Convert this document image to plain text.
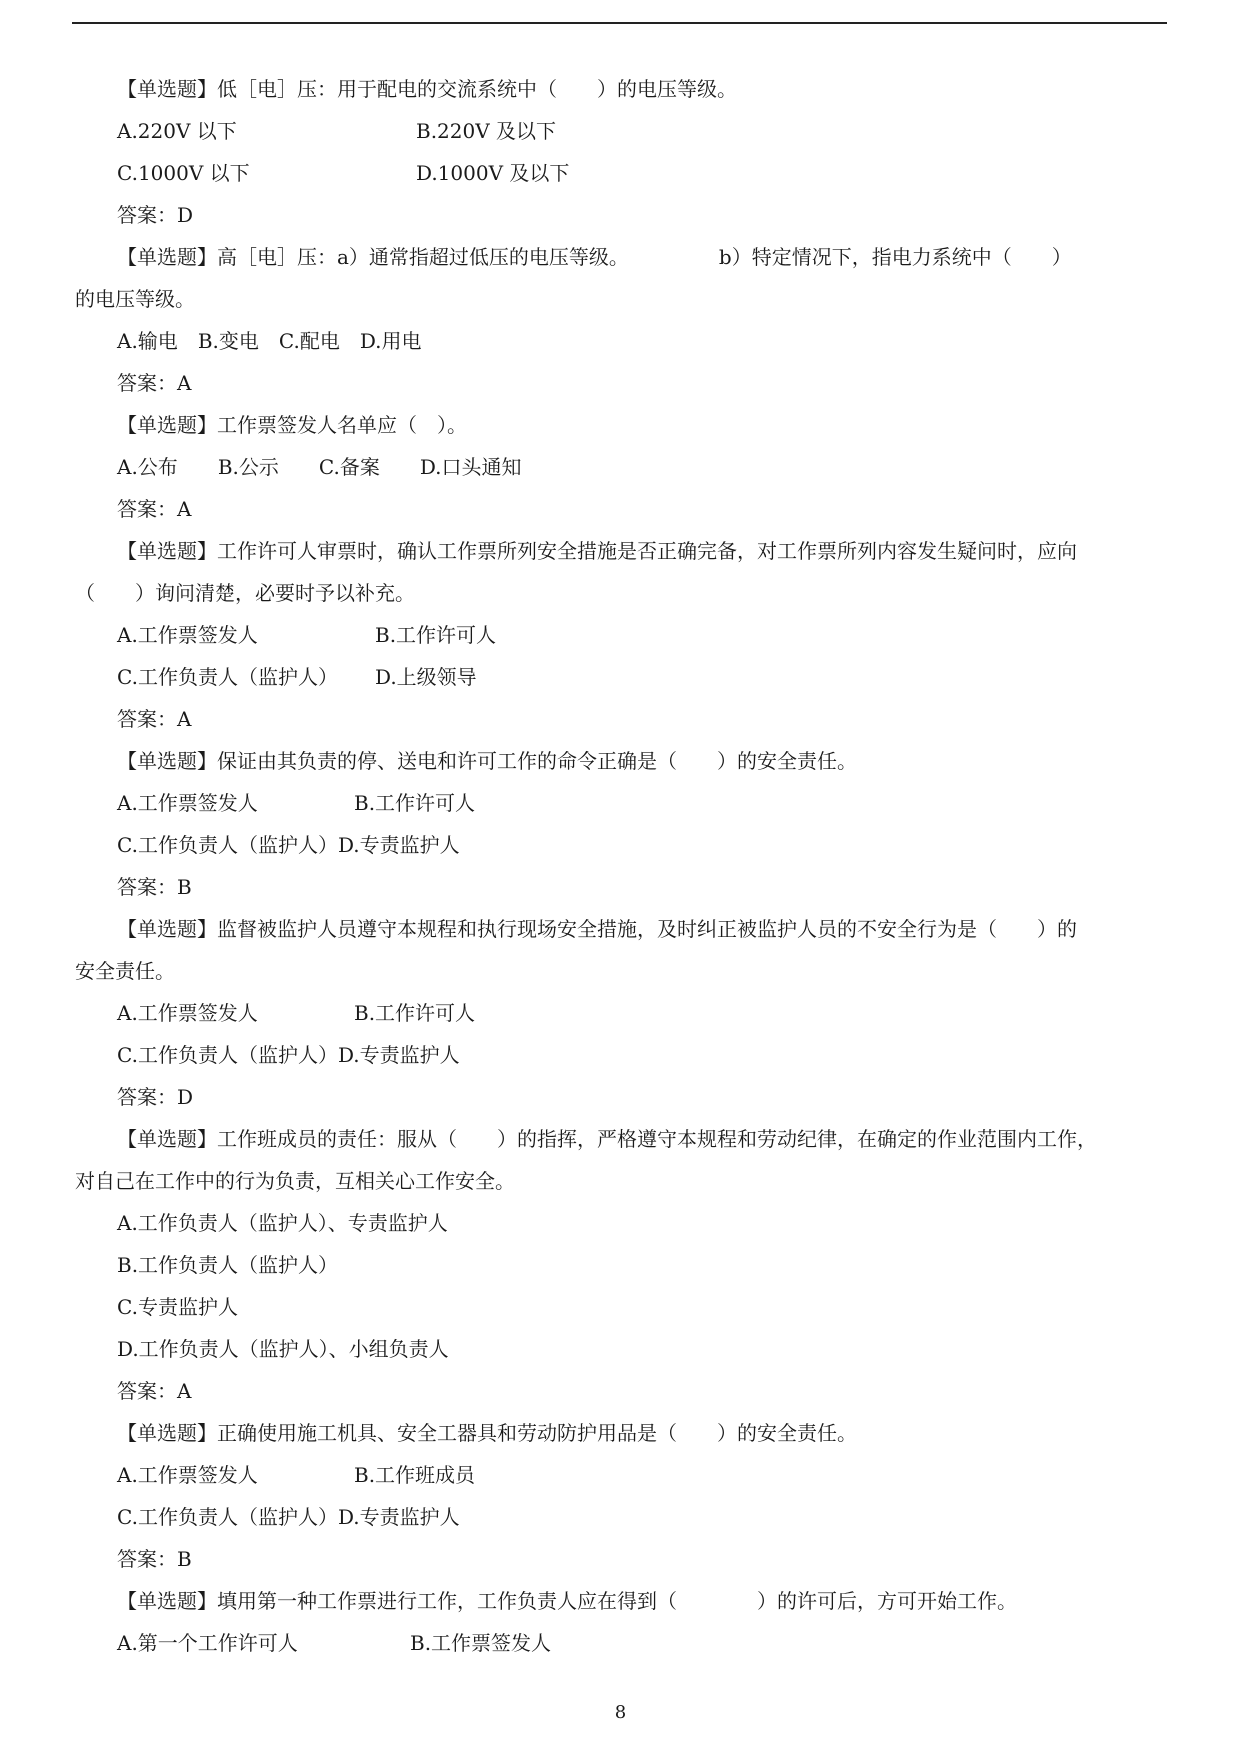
【单选题】低［电］压：用于配电的交流系统中（　　）的电压等级。
A.220V 以下	B.220V 及以下
C.1000V 以下	D.1000V 及以下
答案：D
【单选题】高［电］压：a）通常指超过低压的电压等级。　　　　　b）特定情况下，指电力系统中（　　）
的电压等级。
A.输电　 B.变电　 C.配电　 D.用电
答案：A
【单选题】工作票签发人名单应（　）。
A.公布　　 B.公示　　 C.备案　　 D.口头通知
答案：A
【单选题】工作许可人审票时，确认工作票所列安全措施是否正确完备，对工作票所列内容发生疑问时，应向
（　　）询问清楚，必要时予以补充。
A.工作票签发人	B.工作许可人
C.工作负责人（监护人） D.上级领导
答案：A
【单选题】保证由其负责的停、送电和许可工作的命令正确是（　　）的安全责任。
A.工作票签发人	B.工作许可人
C.工作负责人（监护人）D.专责监护人
答案：B
【单选题】监督被监护人员遵守本规程和执行现场安全措施，及时纠正被监护人员的不安全行为是（　　）的
安全责任。
A.工作票签发人	B.工作许可人
C.工作负责人（监护人）D.专责监护人
答案：D
【单选题】工作班成员的责任：服从（　　）的指挥，严格遵守本规程和劳动纪律，在确定的作业范围内工作，
对自己在工作中的行为负责，互相关心工作安全。
A.工作负责人（监护人）、专责监护人
B.工作负责人（监护人）
C.专责监护人
D.工作负责人（监护人）、小组负责人
答案：A
【单选题】正确使用施工机具、安全工器具和劳动防护用品是（　　）的安全责任。
A.工作票签发人	B.工作班成员
C.工作负责人（监护人）D.专责监护人
答案：B
【单选题】填用第一种工作票进行工作，工作负责人应在得到（　　　　）的许可后，方可开始工作。
A.第一个工作许可人	B.工作票签发人
8
